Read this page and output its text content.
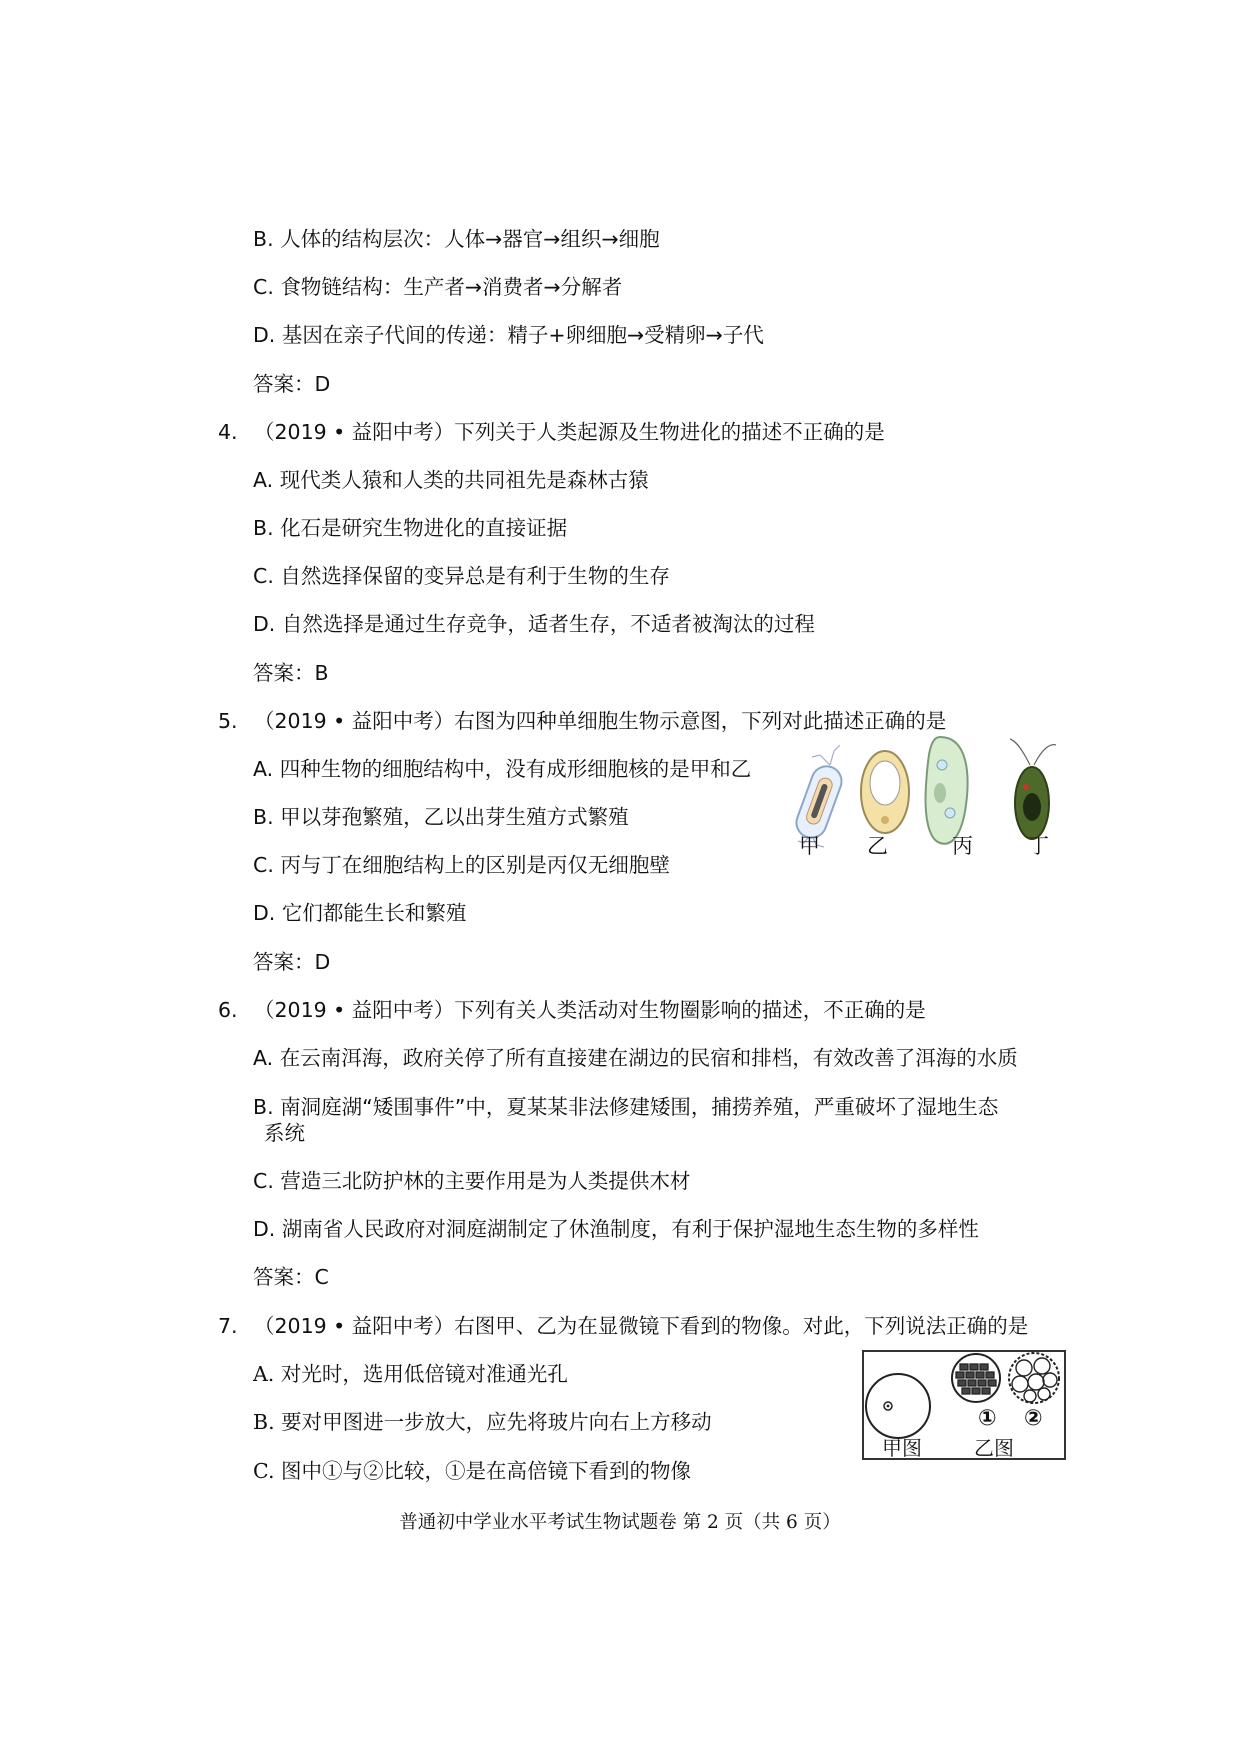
B. 人体的结构层次：人体→器官→组织→细胞
C. 食物链结构：生产者→消费者→分解者
D. 基因在亲子代间的传递：精子+卵细胞→受精卵→子代
答案：D
4. （2019 • 益阳中考）下列关于人类起源及生物进化的描述不正确的是
A. 现代类人猿和人类的共同祖先是森林古猿
B. 化石是研究生物进化的直接证据
C. 自然选择保留的变异总是有利于生物的生存
D. 自然选择是通过生存竞争，适者生存，不适者被淘汰的过程
答案：B
5. （2019 • 益阳中考）右图为四种单细胞生物示意图，下列对此描述正确的是
A. 四种生物的细胞结构中，没有成形细胞核的是甲和乙
B. 甲以芽孢繁殖，乙以出芽生殖方式繁殖
C. 丙与丁在细胞结构上的区别是丙仅无细胞壁
D. 它们都能生长和繁殖
答案：D
甲 乙	丙	丁
6. （2019 • 益阳中考）下列有关人类活动对生物圈影响的描述，不正确的是
A. 在云南洱海，政府关停了所有直接建在湖边的民宿和排档，有效改善了洱海的水质
B. 南洞庭湖“矮围事件”中，夏某某非法修建矮围，捕捞养殖，严重破坏了湿地生态
系统
C. 营造三北防护林的主要作用是为人类提供木材
D. 湖南省人民政府对洞庭湖制定了休渔制度，有利于保护湿地生态生物的多样性
答案：C
7. （2019 • 益阳中考）右图甲、乙为在显微镜下看到的物像。对此，下列说法正确的是
A. 对光时，选用低倍镜对准通光孔
B. 要对甲图进一步放大，应先将玻片向右上方移动
C. 图中①与②比较，①是在高倍镜下看到的物像
① ②
甲图	乙图
普通初中学业水平考试生物试题卷 第 2 页（共 6 页）
